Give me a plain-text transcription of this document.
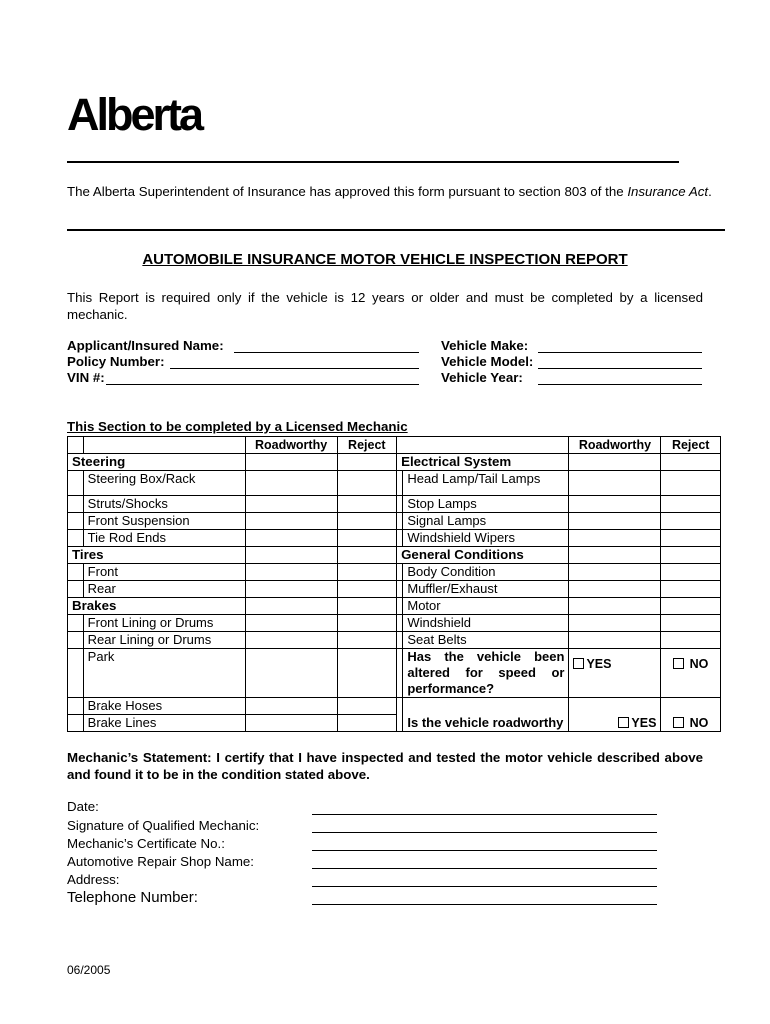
Alberta
The Alberta Superintendent of Insurance has approved this form pursuant to section 803 of the Insurance Act.
AUTOMOBILE INSURANCE MOTOR VEHICLE INSPECTION REPORT
This Report is required only if the vehicle is 12 years or older and must be completed by a licensed mechanic.
Applicant/Insured Name:
Policy Number:
VIN #:
Vehicle Make:
Vehicle Model:
Vehicle Year:
This Section to be completed by a Licensed Mechanic
		Roadworthy	Reject			Roadworthy	Reject
Steering				Electrical System			
	Steering Box/Rack				Head Lamp/Tail Lamps		
	Struts/Shocks				Stop Lamps		
	Front Suspension				Signal Lamps		
	Tie Rod Ends				Windshield Wipers		
Tires				General Conditions			
	Front				Body Condition		
	Rear				Muffler/Exhaust		
Brakes					Motor		
	Front Lining or Drums				Windshield		
	Rear Lining or Drums				Seat Belts		
	Park				Has the vehicle been altered for speed or performance?	YES	NO
	Brake Hoses						
	Brake Lines				Is the vehicle roadworthy	YES	NO
Mechanic’s Statement: I certify that I have inspected and tested the motor vehicle described above and found it to be in the condition stated above.
Date:
Signature of Qualified Mechanic:
Mechanic’s Certificate No.:
Automotive Repair Shop Name:
Address:
Telephone Number:
06/2005
